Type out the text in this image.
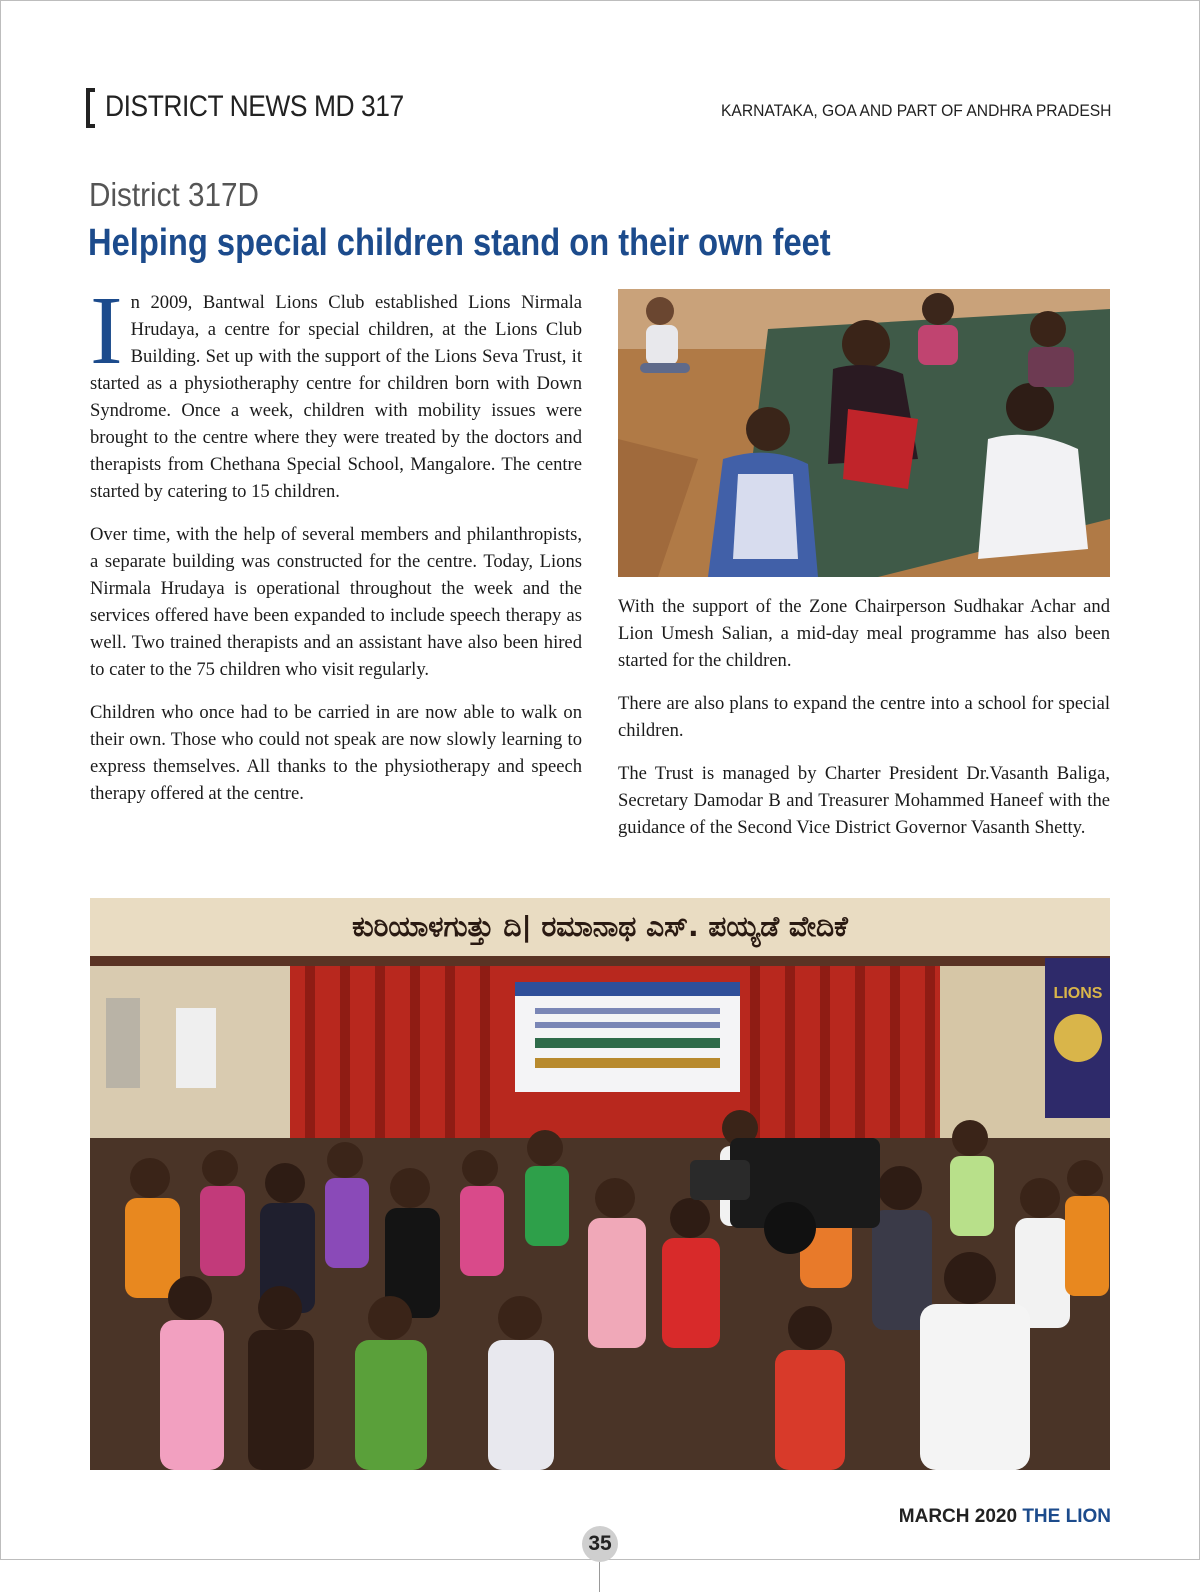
DISTRICT NEWS MD 317	KARNATAKA, GOA AND PART OF ANDHRA PRADESH
District 317D
Helping special children stand on their own feet

In 2009, Bantwal Lions Club established Lions Nirmala Hrudaya, a centre for special children, at the Lions Club Building. Set up with the support of the Lions Seva Trust, it started as a physiotheraphy centre for children born with Down Syndrome. Once a week, children with mobility issues were brought to the centre where they were treated by the doctors and therapists from Chethana Special School, Mangalore. The centre started by catering to 15 children.

Over time, with the help of several members and philanthropists, a separate building was constructed for the centre. Today, Lions Nirmala Hrudaya is operational throughout the week and the services offered have been expanded to include speech therapy as well. Two trained therapists and an assistant have also been hired to cater to the 75 children who visit regularly.

Children who once had to be carried in are now able to walk on their own. Those who could not speak are now slowly learning to express themselves. All thanks to the physiotherapy and speech therapy offered at the centre.

With the support of the Zone Chairperson Sudhakar Achar and Lion Umesh Salian, a mid-day meal programme has also been started for the children.

There are also plans to expand the centre into a school for special children.

The Trust is managed by Charter President Dr.Vasanth Baliga, Secretary Damodar B and Treasurer Mohammed Haneef with the guidance of the Second Vice District Governor Vasanth Shetty.

ಕುರಿಯಾಳಗುತ್ತು ದಿ| ರಮಾನಾಥ ಎಸ್. ಪಯ್ಯಡೆ ವೇದಿಕೆ
LIONS
35
MARCH 2020 THE LION
